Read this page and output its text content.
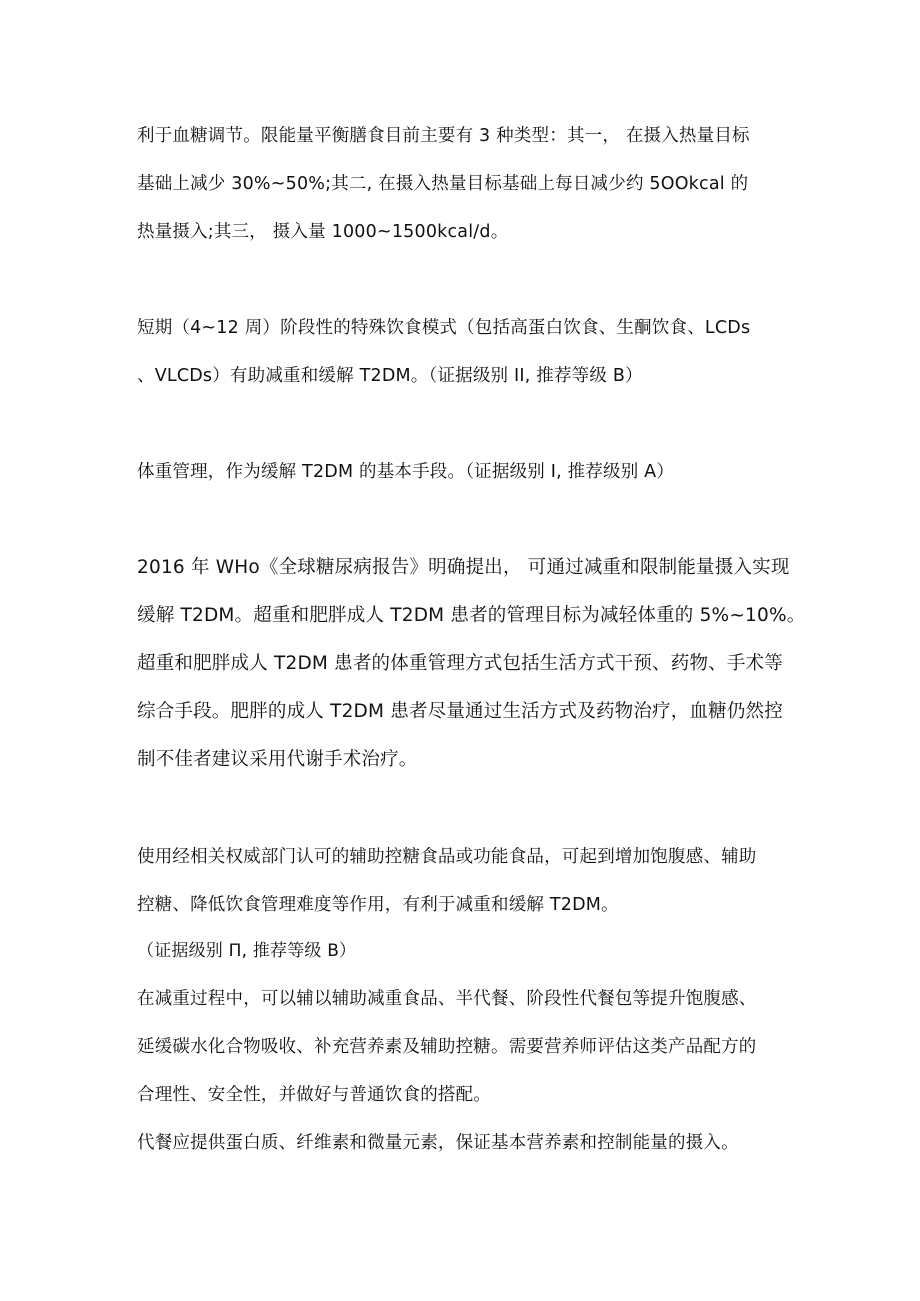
利于血糖调节。限能量平衡膳食目前主要有 3 种类型：其一， 在摄入热量目标
基础上减少 30%~50%;其二, 在摄入热量目标基础上每日减少约 5OOkcal 的
热量摄入;其三， 摄入量 1000~1500kcal∕d。
短期（4~12 周）阶段性的特殊饮食模式（包括高蛋白饮食、生酮饮食、LCDs
、VLCDs）有助减重和缓解 T2DM。（证据级别 II, 推荐等级 B）
体重管理，作为缓解 T2DM 的基本手段。（证据级别 I, 推荐级别 A）
2016 年 WHo《全球糖尿病报告》明确提出， 可通过减重和限制能量摄入实现
缓解 T2DM。超重和肥胖成人 T2DM 患者的管理目标为减轻体重的 5%~10%。
超重和肥胖成人 T2DM 患者的体重管理方式包括生活方式干预、药物、手术等
综合手段。肥胖的成人 T2DM 患者尽量通过生活方式及药物治疗，血糖仍然控
制不佳者建议采用代谢手术治疗。
使用经相关权威部门认可的辅助控糖食品或功能食品，可起到增加饱腹感、辅助
控糖、降低饮食管理难度等作用，有利于减重和缓解 T2DM。
（证据级别 П, 推荐等级 B）
在减重过程中，可以辅以辅助减重食品、半代餐、阶段性代餐包等提升饱腹感、
延缓碳水化合物吸收、补充营养素及辅助控糖。需要营养师评估这类产品配方的
合理性、安全性，并做好与普通饮食的搭配。
代餐应提供蛋白质、纤维素和微量元素，保证基本营养素和控制能量的摄入。
